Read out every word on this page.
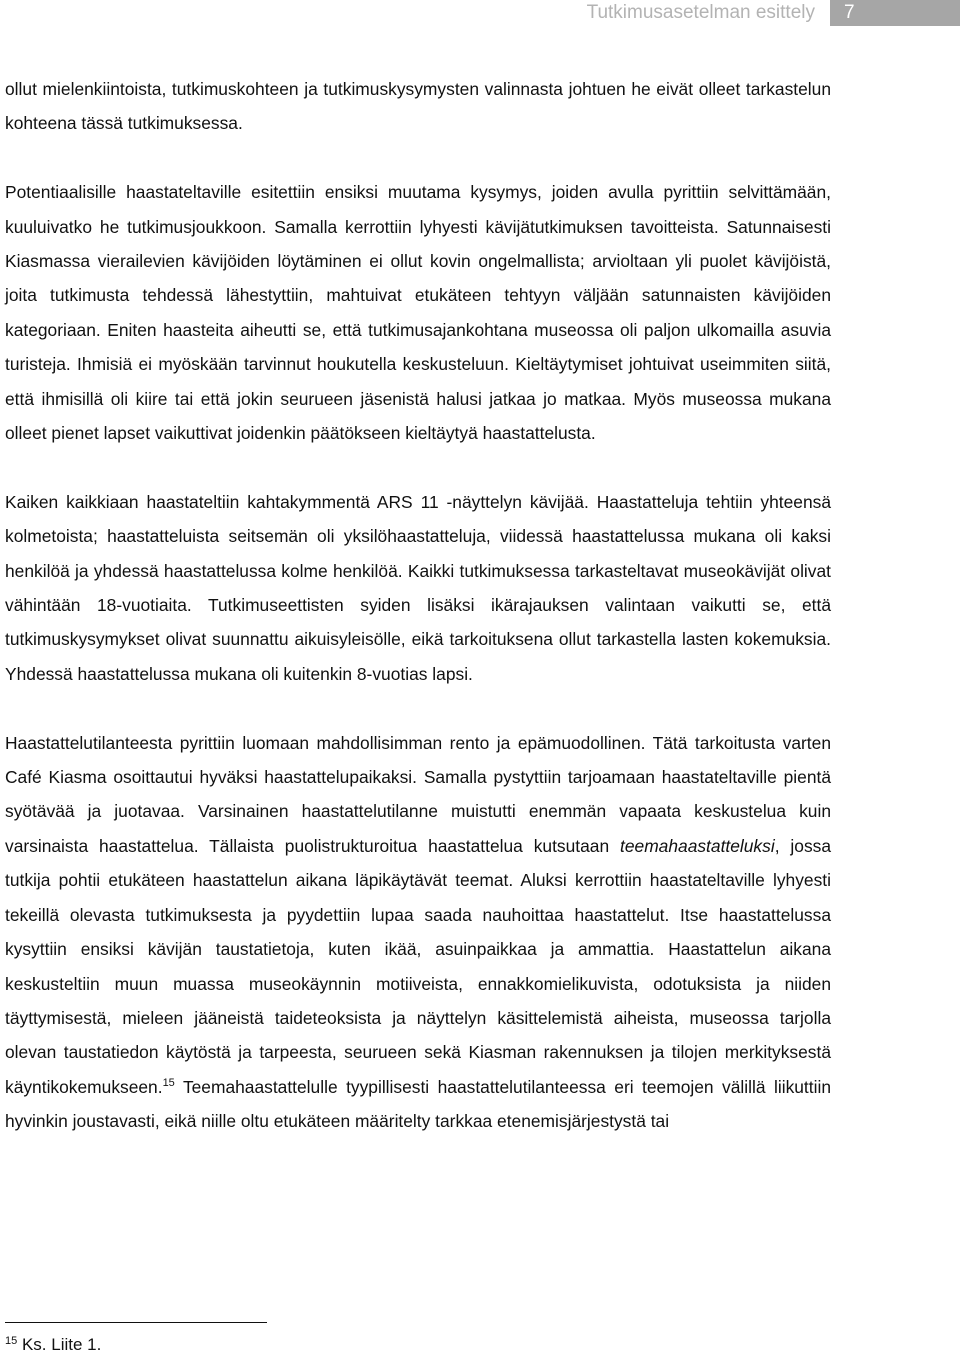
Tutkimusasetelman esittely	7

ollut mielenkiintoista, tutkimuskohteen ja tutkimuskysymysten valinnasta johtuen he eivät olleet tarkastelun kohteena tässä tutkimuksessa.

Potentiaalisille haastateltaville esitettiin ensiksi muutama kysymys, joiden avulla pyrittiin selvittämään, kuuluivatko he tutkimusjoukkoon. Samalla kerrottiin lyhyesti kävijätutkimuksen tavoitteista. Satunnaisesti Kiasmassa vierailevien kävijöiden löytäminen ei ollut kovin ongelmallista; arvioltaan yli puolet kävijöistä, joita tutkimusta tehdessä lähestyttiin, mahtuivat etukäteen tehtyyn väljään satunnaisten kävijöiden kategoriaan. Eniten haasteita aiheutti se, että tutkimusajankohtana museossa oli paljon ulkomailla asuvia turisteja. Ihmisiä ei myöskään tarvinnut houkutella keskusteluun. Kieltäytymiset johtuivat useimmiten siitä, että ihmisillä oli kiire tai että jokin seurueen jäsenistä halusi jatkaa jo matkaa. Myös museossa mukana olleet pienet lapset vaikuttivat joidenkin päätökseen kieltäytyä haastattelusta.

Kaiken kaikkiaan haastateltiin kahtakymmentä ARS 11 -näyttelyn kävijää. Haastatteluja tehtiin yhteensä kolmetoista; haastatteluista seitsemän oli yksilöhaastatteluja, viidessä haastattelussa mukana oli kaksi henkilöä ja yhdessä haastattelussa kolme henkilöä. Kaikki tutkimuksessa tarkasteltavat museokävijät olivat vähintään 18-vuotiaita. Tutkimuseettisten syiden lisäksi ikärajauksen valintaan vaikutti se, että tutkimuskysymykset olivat suunnattu aikuisyleisölle, eikä tarkoituksena ollut tarkastella lasten kokemuksia. Yhdessä haastattelussa mukana oli kuitenkin 8-vuotias lapsi.

Haastattelutilanteesta pyrittiin luomaan mahdollisimman rento ja epämuodollinen. Tätä tarkoitusta varten Café Kiasma osoittautui hyväksi haastattelupaikaksi. Samalla pystyttiin tarjoamaan haastateltaville pientä syötävää ja juotavaa. Varsinainen haastattelutilanne muistutti enemmän vapaata keskustelua kuin varsinaista haastattelua. Tällaista puolistrukturoitua haastattelua kutsutaan teemahaastatteluksi, jossa tutkija pohtii etukäteen haastattelun aikana läpikäytävät teemat. Aluksi kerrottiin haastateltaville lyhyesti tekeillä olevasta tutkimuksesta ja pyydettiin lupaa saada nauhoittaa haastattelut. Itse haastattelussa kysyttiin ensiksi kävijän taustatietoja, kuten ikää, asuinpaikkaa ja ammattia. Haastattelun aikana keskusteltiin muun muassa museokäynnin motiiveista, ennakkomielikuvista, odotuksista ja niiden täyttymisestä, mieleen jääneistä taideteoksista ja näyttelyn käsittelemistä aiheista, museossa tarjolla olevan taustatiedon käytöstä ja tarpeesta, seurueen sekä Kiasman rakennuksen ja tilojen merkityksestä käyntikokemukseen.$^{15}$ Teemahaastattelulle tyypillisesti haastattelutilanteessa eri teemojen välillä liikuttiin hyvinkin joustavasti, eikä niille oltu etukäteen määritelty tarkkaa etenemisjärjestystä tai

$^{15}$ Ks. Liite 1.
